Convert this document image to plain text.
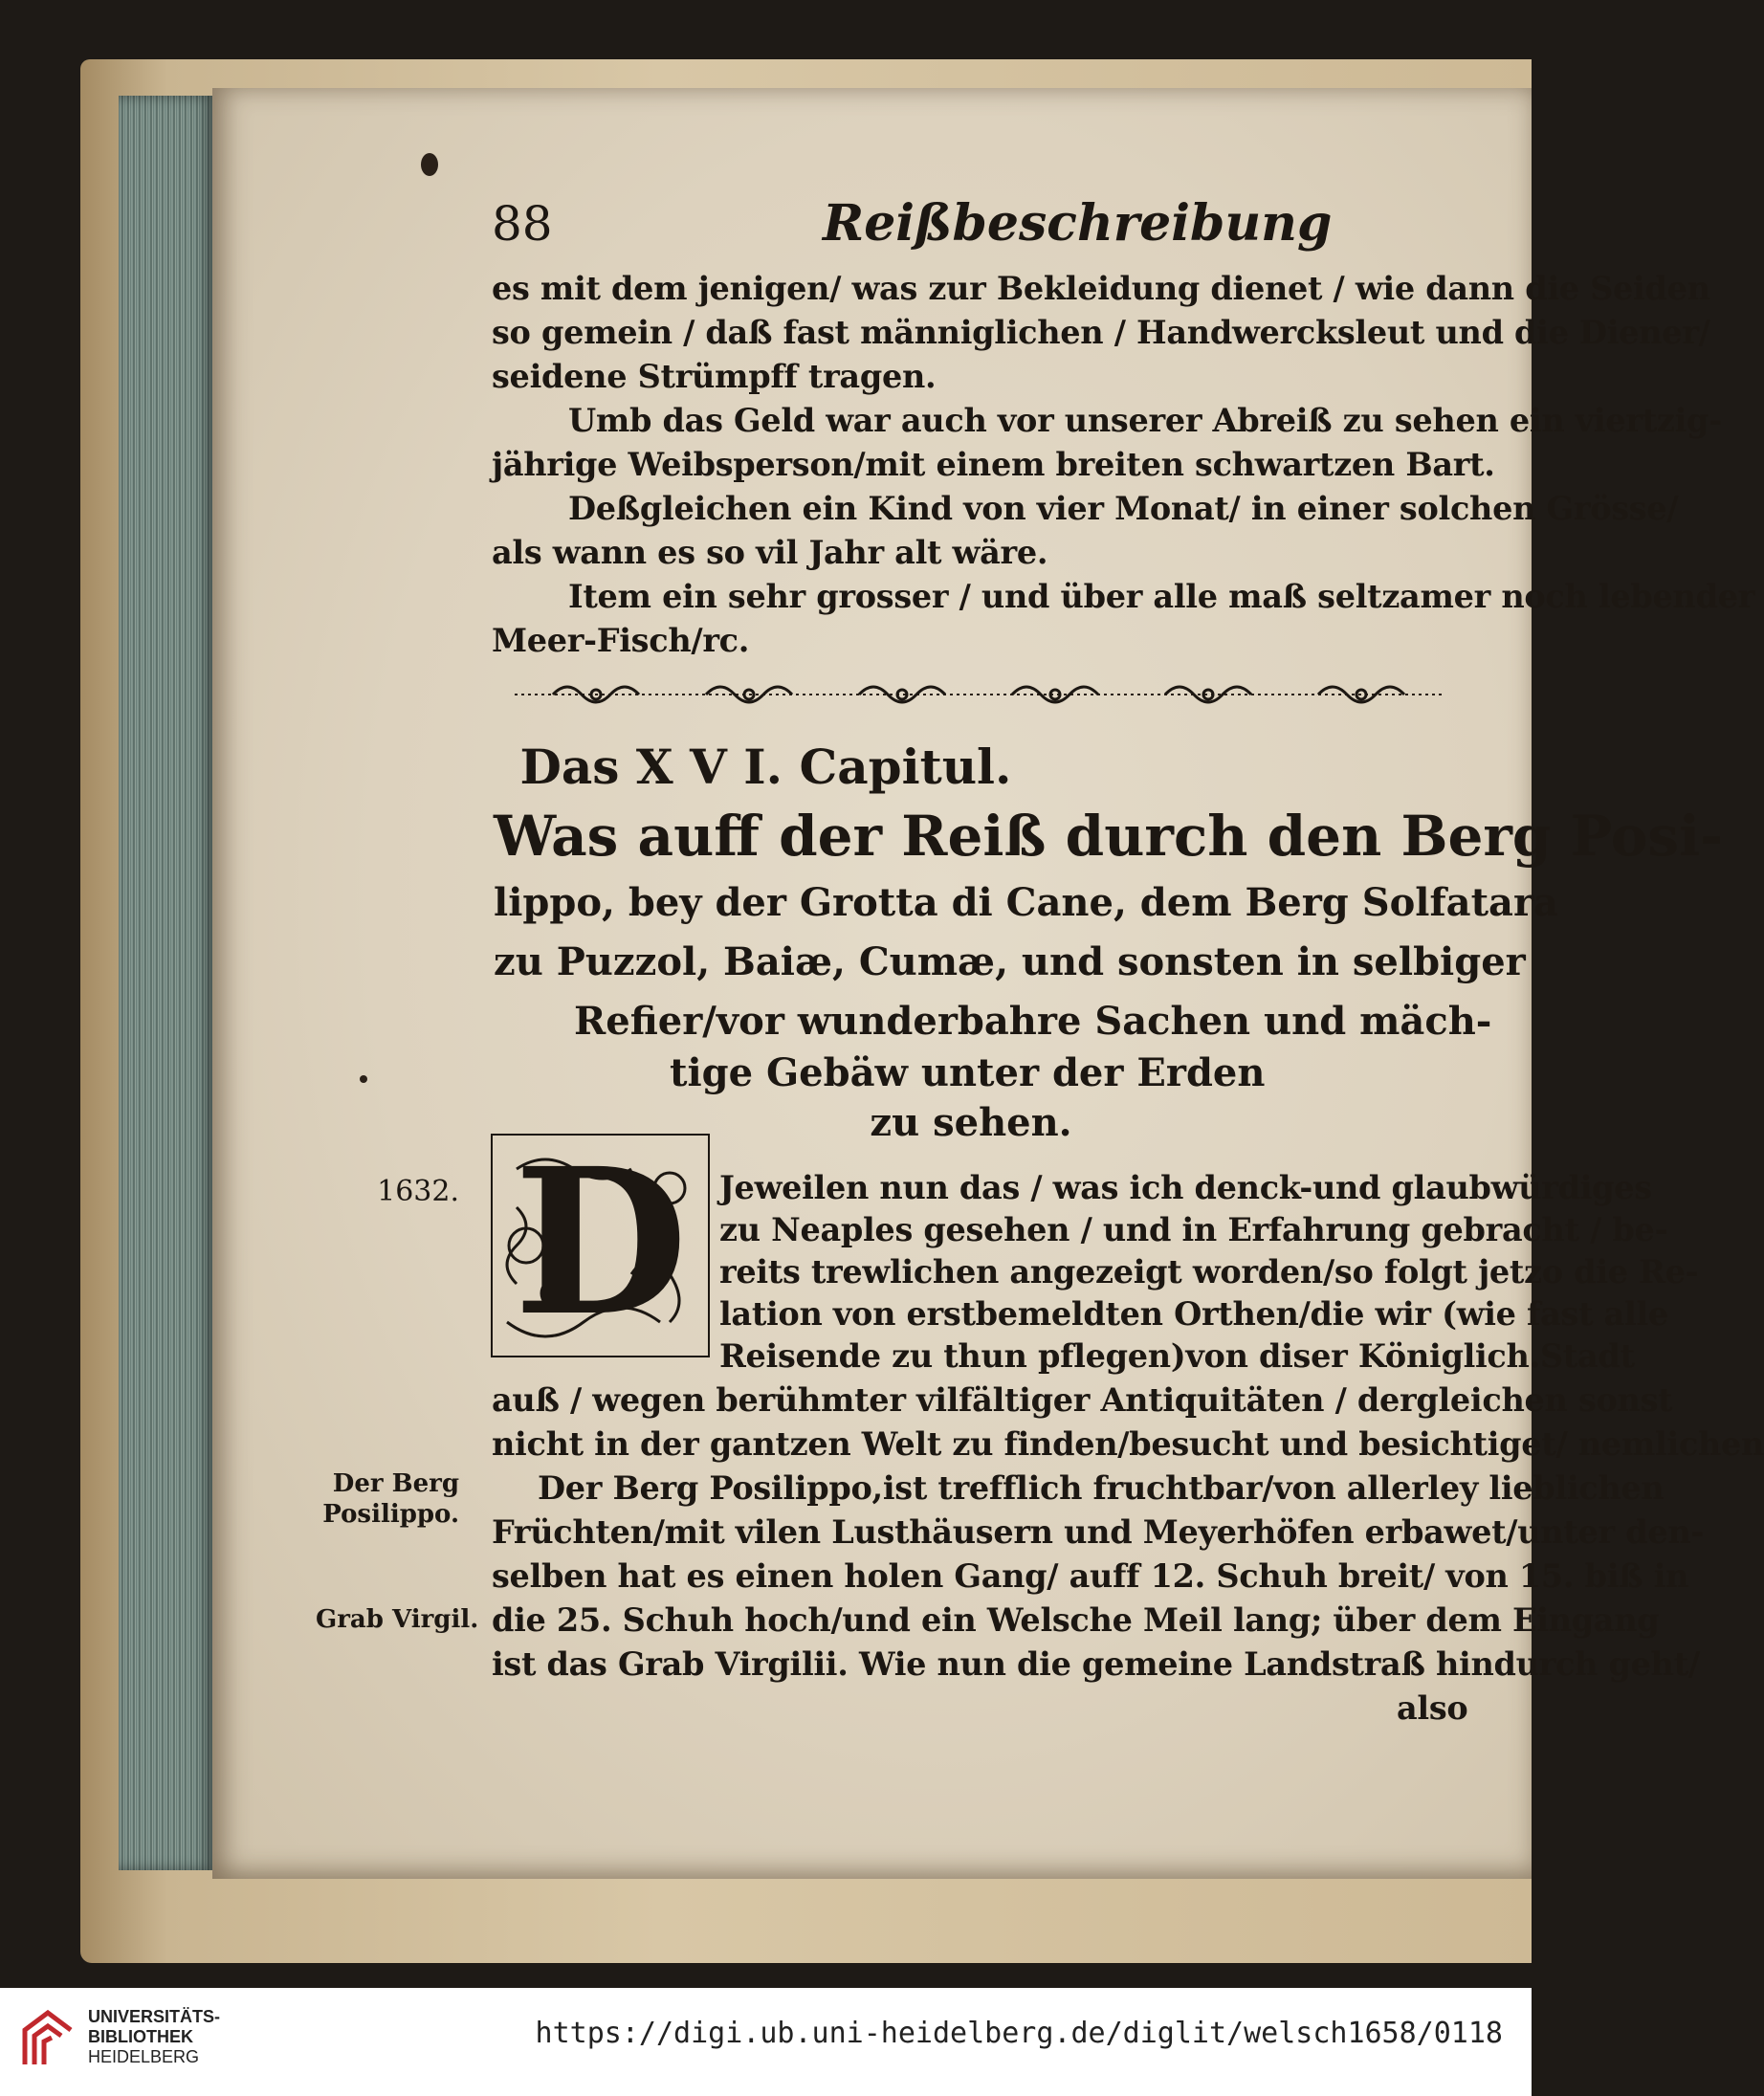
88	Reißbeschreibung
es mit dem jenigen/ was zur Bekleidung dienet / wie dann die Seiden
so gemein / daß fast männiglichen / Handwercksleut und die Diener/
seidene Strümpff tragen.
Umb das Geld war auch vor unserer Abreiß zu sehen ein viertzig-
jährige Weibsperson/mit einem breiten schwartzen Bart.
Deßgleichen ein Kind von vier Monat/ in einer solchen Grösse/
als wann es so vil Jahr alt wäre.
Item ein sehr grosser / und über alle maß seltzamer noch lebender
Meer-Fisch/rc.
Das X V I. Capitul.
Was auff der Reiß durch den Berg Posi-
lippo, bey der Grotta di Cane, dem Berg Solfatara
zu Puzzol, Baiæ, Cumæ, und sonsten in selbiger
Refier/vor wunderbahre Sachen und mäch-
tige Gebäw unter der Erden
zu sehen.
D Jeweilen nun das / was ich denck-und glaubwürdiges
zu Neaples gesehen / und in Erfahrung gebracht / be-
reits trewlichen angezeigt worden/so folgt jetzo die Re-
lation von erstbemeldten Orthen/die wir (wie fast alle
Reisende zu thun pflegen)von diser Königlich.Stadt
auß / wegen berühmter vilfältiger Antiquitäten / dergleichen sonst
nicht in der gantzen Welt zu finden/besucht und besichtiget/ nemlichen
Der Berg Posilippo,ist trefflich fruchtbar/von allerley lieblichen
Früchten/mit vilen Lusthäusern und Meyerhöfen erbawet/unter den-
selben hat es einen holen Gang/ auff 12. Schuh breit/ von 15. biß in
die 25. Schuh hoch/und ein Welsche Meil lang; über dem Eingang
ist das Grab Virgilii. Wie nun die gemeine Landstraß hindurch geht/
also
1632.
Der Berg
Posilippo.
Grab Virgil.
UNIVERSITÄTS-
BIBLIOTHEK
HEIDELBERG
https://digi.ub.uni-heidelberg.de/diglit/welsch1658/0118
